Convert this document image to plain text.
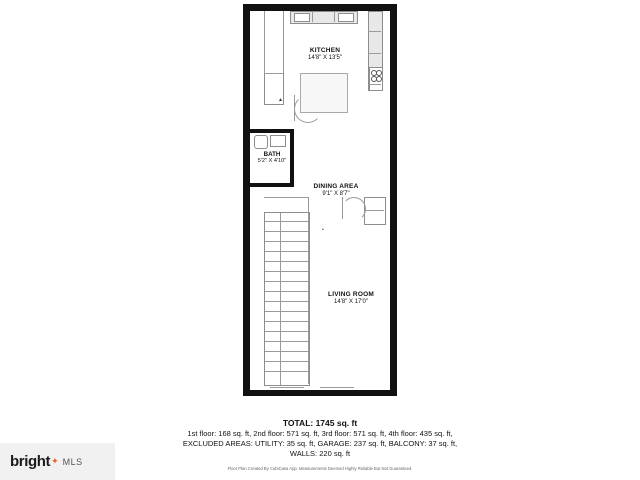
KITCHEN
14'8" X 13'5"
BATH
5'2" X 4'10"
DINING AREA
9'1" X 8'7"
•
▲
LIVING ROOM
14'8" X 17'0"
TOTAL: 1745 sq. ft
1st floor: 168 sq. ft, 2nd floor: 571 sq. ft, 3rd floor: 571 sq. ft, 4th floor: 435 sq. ft,
EXCLUDED AREAS: UTILITY: 35 sq. ft, GARAGE: 237 sq. ft, BALCONY: 37 sq. ft,
WALLS: 220 sq. ft
Floor Plan Created By CubiCasa App. Measurements Deemed Highly Reliable But Not Guaranteed.
bright ✦ MLS
